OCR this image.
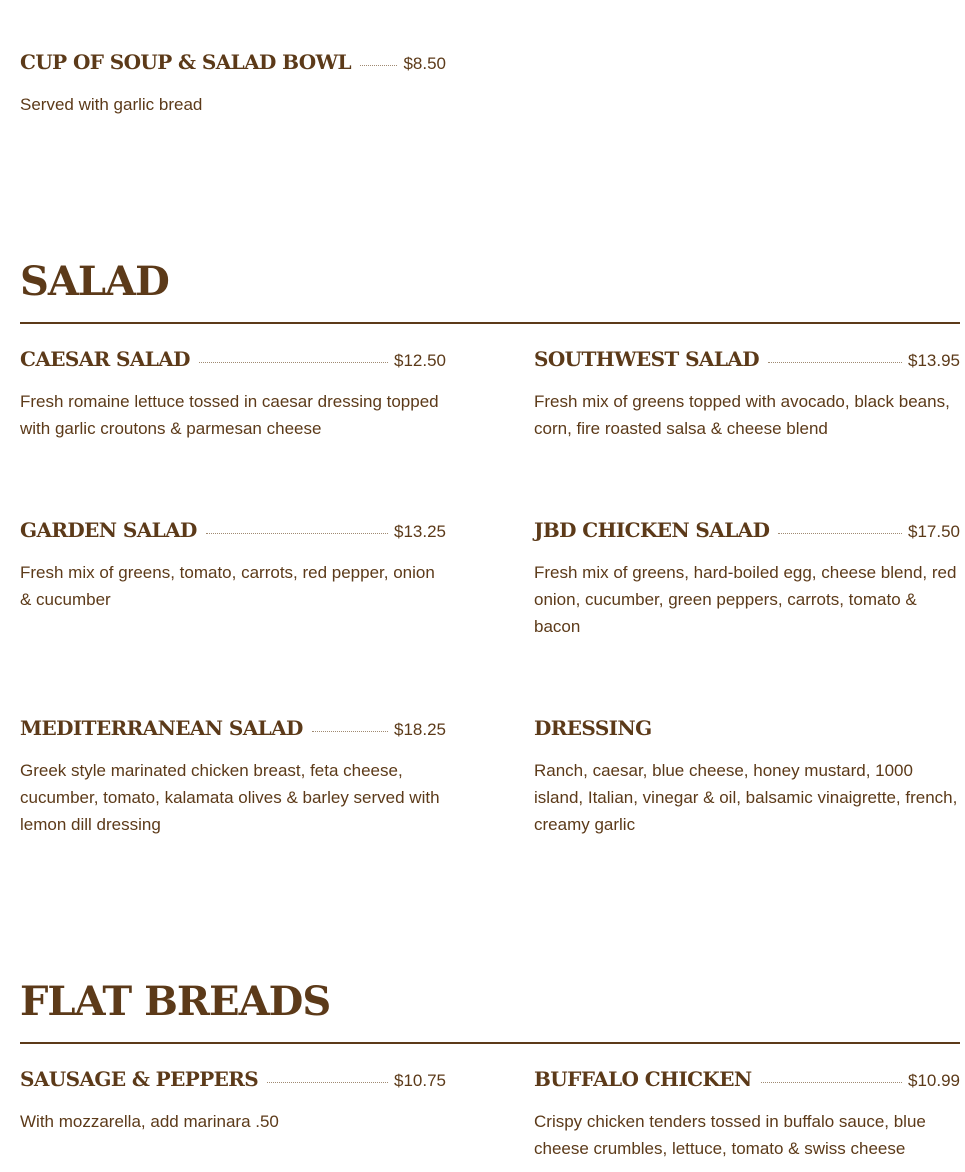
CUP OF SOUP & SALAD BOWL	$8.50
Served with garlic bread
SALAD
CAESAR SALAD	$12.50
Fresh romaine lettuce tossed in caesar dressing topped with garlic croutons & parmesan cheese
SOUTHWEST SALAD	$13.95
Fresh mix of greens topped with avocado, black beans, corn, fire roasted salsa & cheese blend
GARDEN SALAD	$13.25
Fresh mix of greens, tomato, carrots, red pepper, onion & cucumber
JBD CHICKEN SALAD	$17.50
Fresh mix of greens, hard-boiled egg, cheese blend, red onion, cucumber, green peppers, carrots, tomato & bacon
MEDITERRANEAN SALAD	$18.25
Greek style marinated chicken breast, feta cheese, cucumber, tomato, kalamata olives & barley served with lemon dill dressing
DRESSING
Ranch, caesar, blue cheese, honey mustard, 1000 island, Italian, vinegar & oil, balsamic vinaigrette, french, creamy garlic
FLAT BREADS
SAUSAGE & PEPPERS	$10.75
With mozzarella, add marinara .50
BUFFALO CHICKEN	$10.99
Crispy chicken tenders tossed in buffalo sauce, blue cheese crumbles, lettuce, tomato & swiss cheese
